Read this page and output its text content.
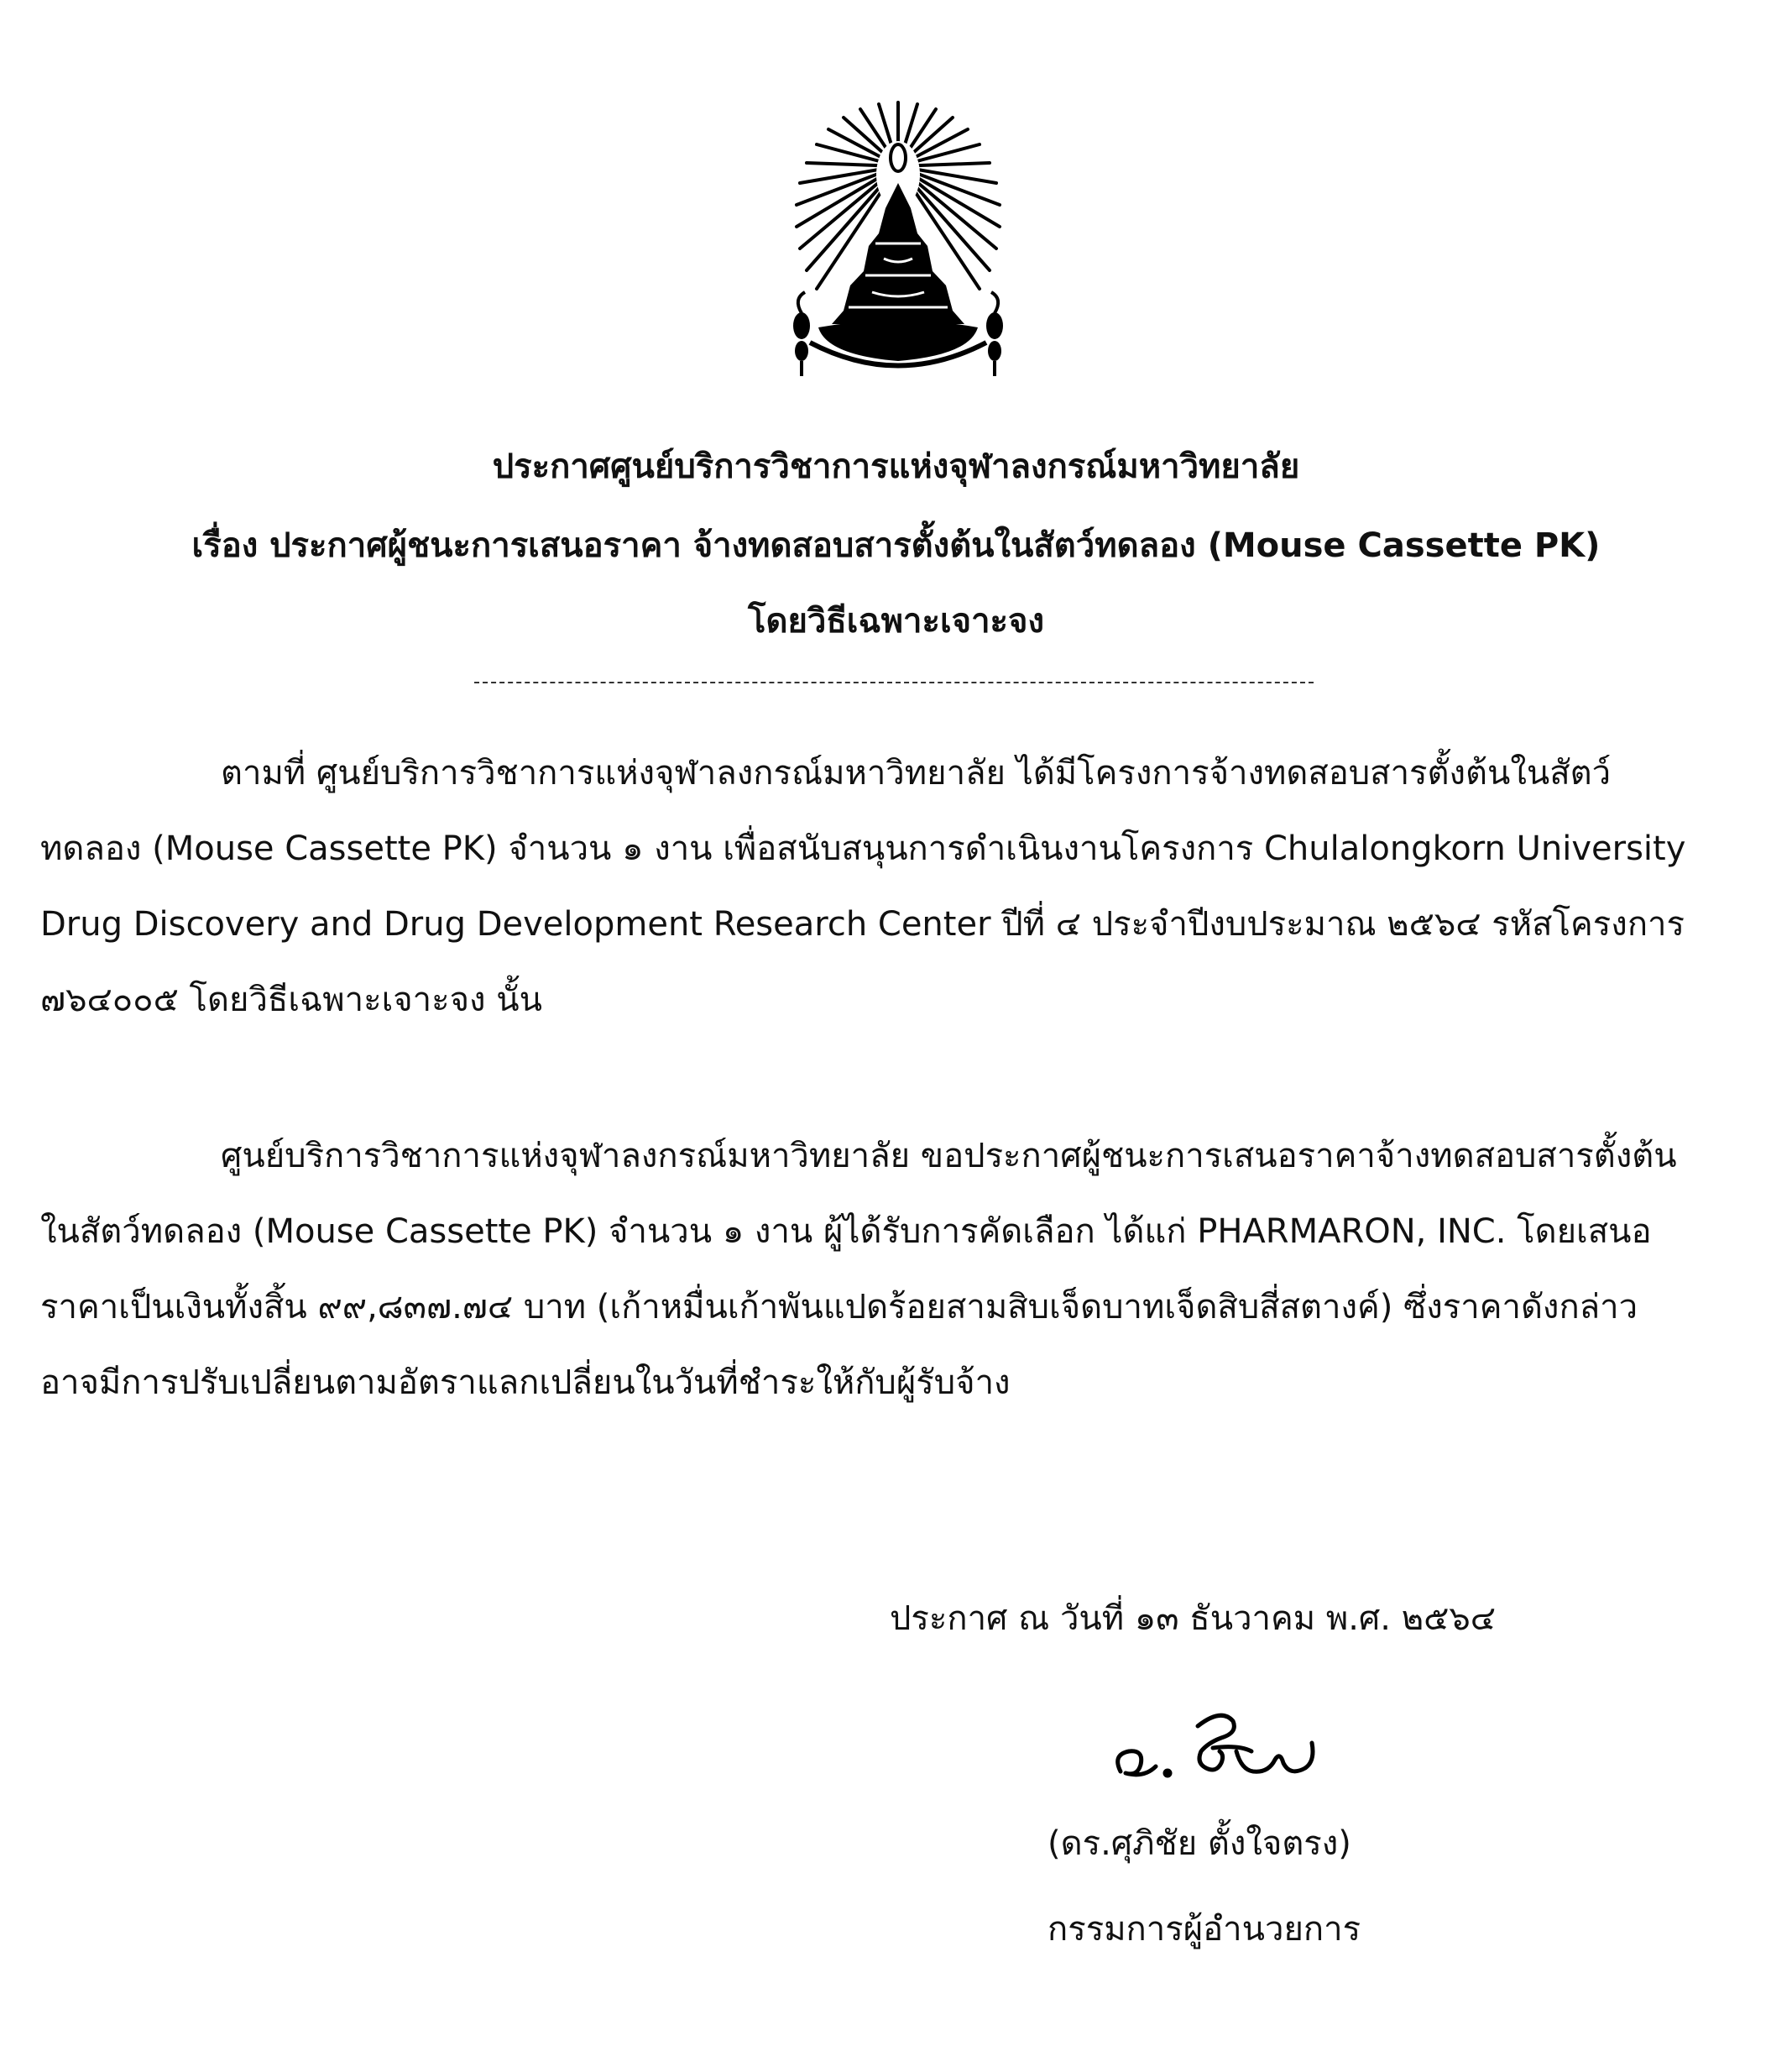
ประกาศศูนย์บริการวิชาการแห่งจุฬาลงกรณ์มหาวิทยาลัย
เรื่อง ประกาศผู้ชนะการเสนอราคา จ้างทดสอบสารตั้งต้นในสัตว์ทดลอง (Mouse Cassette PK)
โดยวิธีเฉพาะเจาะจง
ตามที่ ศูนย์บริการวิชาการแห่งจุฬาลงกรณ์มหาวิทยาลัย ได้มีโครงการจ้างทดสอบสารตั้งต้นในสัตว์
ทดลอง (Mouse Cassette PK) จำนวน ๑ งาน เพื่อสนับสนุนการดำเนินงานโครงการ Chulalongkorn University
Drug Discovery and Drug Development Research Center ปีที่ ๔ ประจำปีงบประมาณ ๒๕๖๔ รหัสโครงการ
๗๖๔๐๐๕ โดยวิธีเฉพาะเจาะจง นั้น
ศูนย์บริการวิชาการแห่งจุฬาลงกรณ์มหาวิทยาลัย ขอประกาศผู้ชนะการเสนอราคาจ้างทดสอบสารตั้งต้น
ในสัตว์ทดลอง (Mouse Cassette PK) จำนวน ๑ งาน ผู้ได้รับการคัดเลือก ได้แก่ PHARMARON, INC. โดยเสนอ
ราคาเป็นเงินทั้งสิ้น ๙๙,๘๓๗.๗๔ บาท (เก้าหมื่นเก้าพันแปดร้อยสามสิบเจ็ดบาทเจ็ดสิบสี่สตางค์) ซึ่งราคาดังกล่าว
อาจมีการปรับเปลี่ยนตามอัตราแลกเปลี่ยนในวันที่ชำระให้กับผู้รับจ้าง
ประกาศ ณ วันที่ ๑๓ ธันวาคม พ.ศ. ๒๕๖๔
(ดร.ศุภิชัย ตั้งใจตรง)
กรรมการผู้อำนวยการ
